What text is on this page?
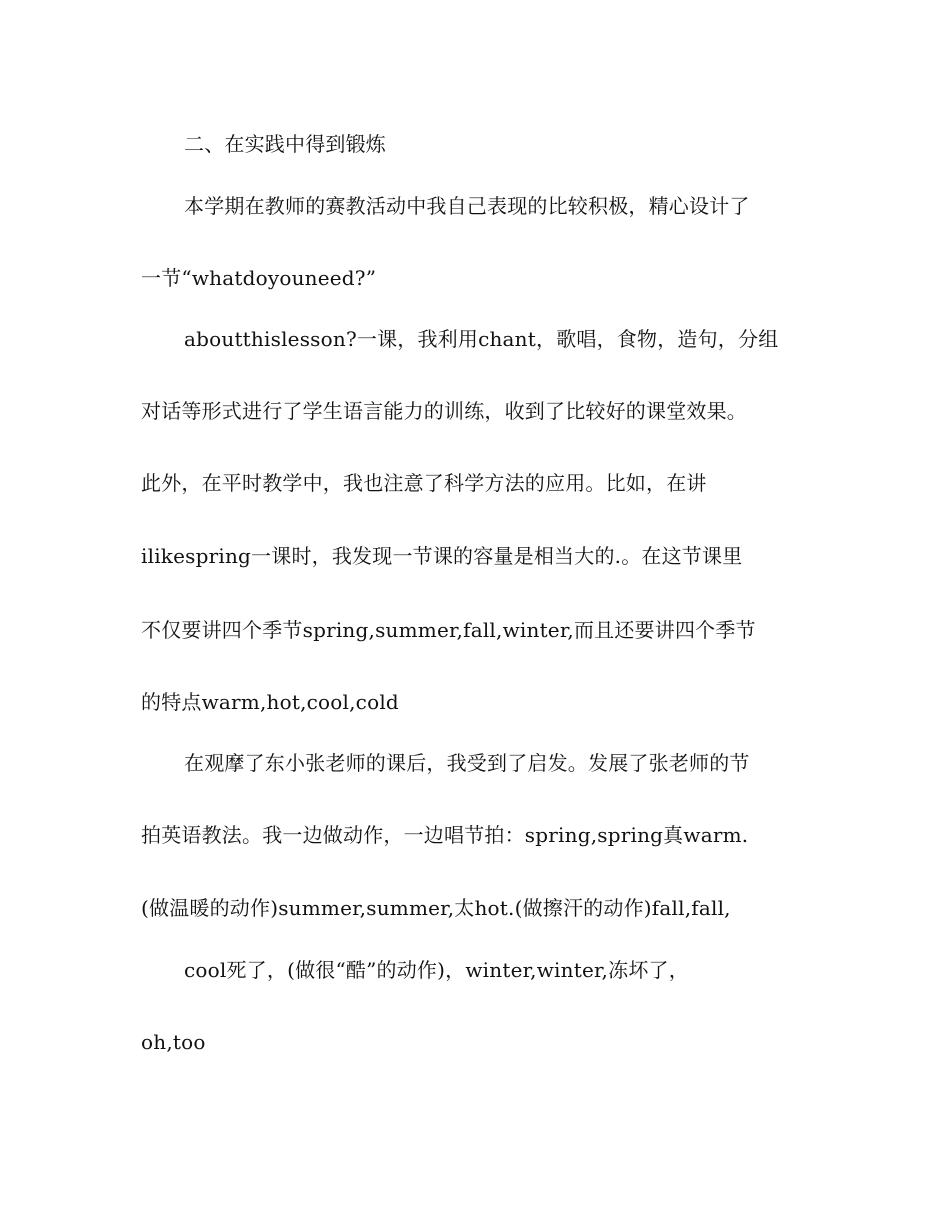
二、在实践中得到锻炼
本学期在教师的赛教活动中我自己表现的比较积极，精心设计了
一节“whatdoyouneed?”
aboutthislesson?一课，我利用chant，歌唱，食物，造句，分组
对话等形式进行了学生语言能力的训练，收到了比较好的课堂效果。
此外，在平时教学中，我也注意了科学方法的应用。比如，在讲
ilikespring一课时，我发现一节课的容量是相当大的.。在这节课里
不仅要讲四个季节spring,summer,fall,winter,而且还要讲四个季节
的特点warm,hot,cool,cold
在观摩了东小张老师的课后，我受到了启发。发展了张老师的节
拍英语教法。我一边做动作，一边唱节拍：spring,spring真warm.
(做温暖的动作)summer,summer,太hot.(做擦汗的动作)fall,fall,
cool死了，(做很“酷”的动作)，winter,winter,冻坏了，
oh,too
